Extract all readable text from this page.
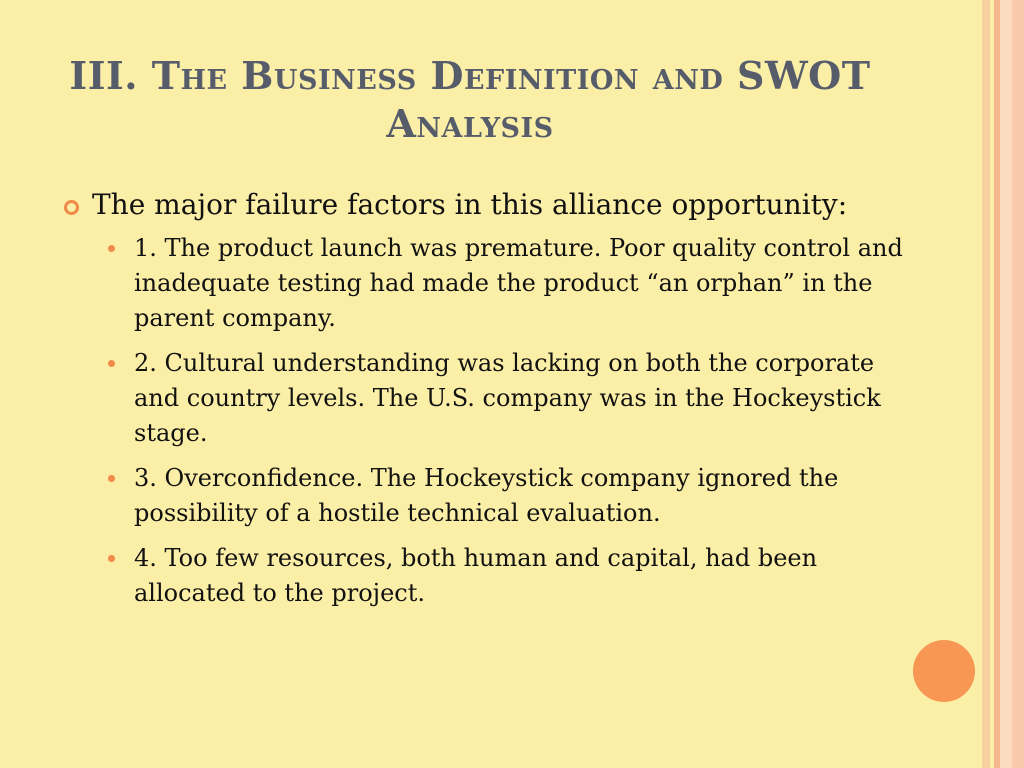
III. The Business Definition and SWOT Analysis
The major failure factors in this alliance opportunity:
1. The product launch was premature. Poor quality control and inadequate testing had made the product “an orphan” in the parent company.
2. Cultural understanding was lacking on both the corporate and country levels. The U.S. company was in the Hockeystick stage.
3. Overconfidence. The Hockeystick company ignored the possibility of a hostile technical evaluation.
4. Too few resources, both human and capital, had been allocated to the project.
